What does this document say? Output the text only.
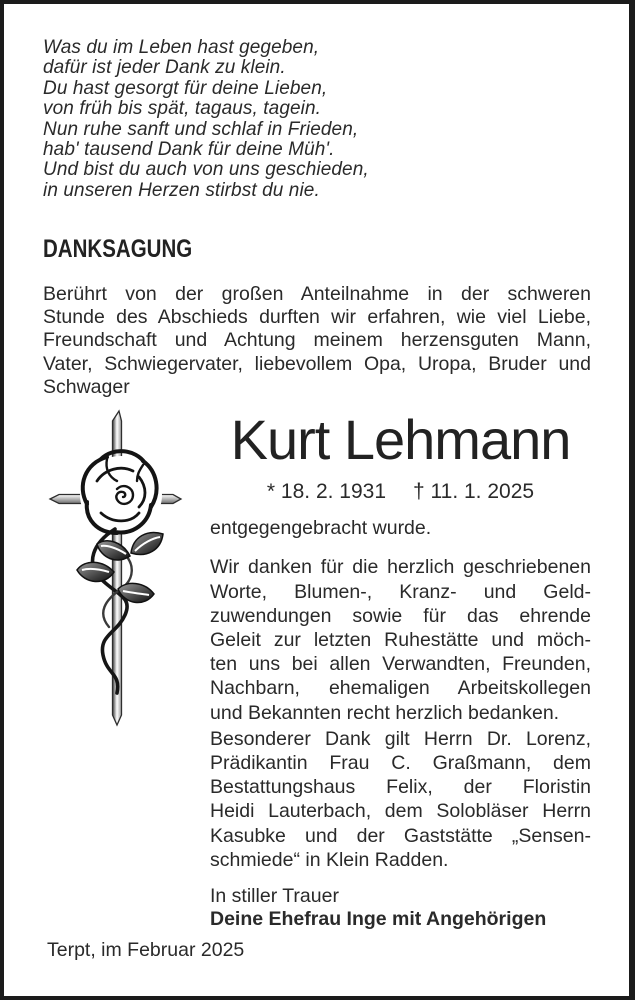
Was du im Leben hast gegeben,
dafür ist jeder Dank zu klein.
Du hast gesorgt für deine Lieben,
von früh bis spät, tagaus, tagein.
Nun ruhe sanft und schlaf in Frieden,
hab' tausend Dank für deine Müh'.
Und bist du auch von uns geschieden,
in unseren Herzen stirbst du nie.
DANKSAGUNG
Berührt von der großen Anteilnahme in der schweren
Stunde des Abschieds durften wir erfahren, wie viel Liebe,
Freundschaft und Achtung meinem herzensguten Mann,
Vater, Schwiegervater, liebevollem Opa, Uropa, Bruder und
Schwager
Kurt Lehmann
* 18. 2. 1931 † 11. 1. 2025
entgegengebracht wurde.
Wir danken für die herzlich geschriebenen
Worte, Blumen-, Kranz- und Geld-
zuwendungen sowie für das ehrende
Geleit zur letzten Ruhestätte und möch-
ten uns bei allen Verwandten, Freunden,
Nachbarn, ehemaligen Arbeitskollegen
und Bekannten recht herzlich bedanken.
Besonderer Dank gilt Herrn Dr. Lorenz,
Prädikantin Frau C. Graßmann, dem
Bestattungshaus Felix, der Floristin
Heidi Lauterbach, dem Solobläser Herrn
Kasubke und der Gaststätte „Sensen-
schmiede“ in Klein Radden.
In stiller Trauer
Deine Ehefrau Inge mit Angehörigen
Terpt, im Februar 2025
